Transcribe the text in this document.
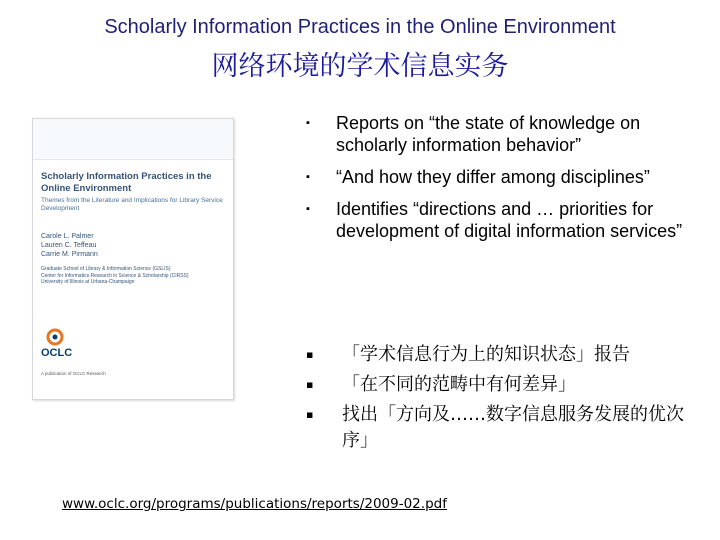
Scholarly Information Practices in the Online Environment
网络环境的学术信息实务
Scholarly Information Practices in the Online Environment
Themes from the Literature and Implications for Library Service Development
Carole L. Palmer
Lauren C. Teffeau
Carrie M. Pirmann
Graduate School of Library & Information Science (GSLIS)
Center for Informatics Research in Science & Scholarship (CIRSS)
University of Illinois at Urbana-Champaign
OCLC
A publication of OCLC Research
▪ Reports on “the state of knowledge on scholarly information behavior”
▪ “And how they differ among disciplines”
▪ Identifies “directions and … priorities for development of digital information services”
▪ 「学术信息行为上的知识状态」报告
▪ 「在不同的范畴中有何差异」
▪ 找出「方向及……数字信息服务发展的优次序」
www.oclc.org/programs/publications/reports/2009-02.pdf
